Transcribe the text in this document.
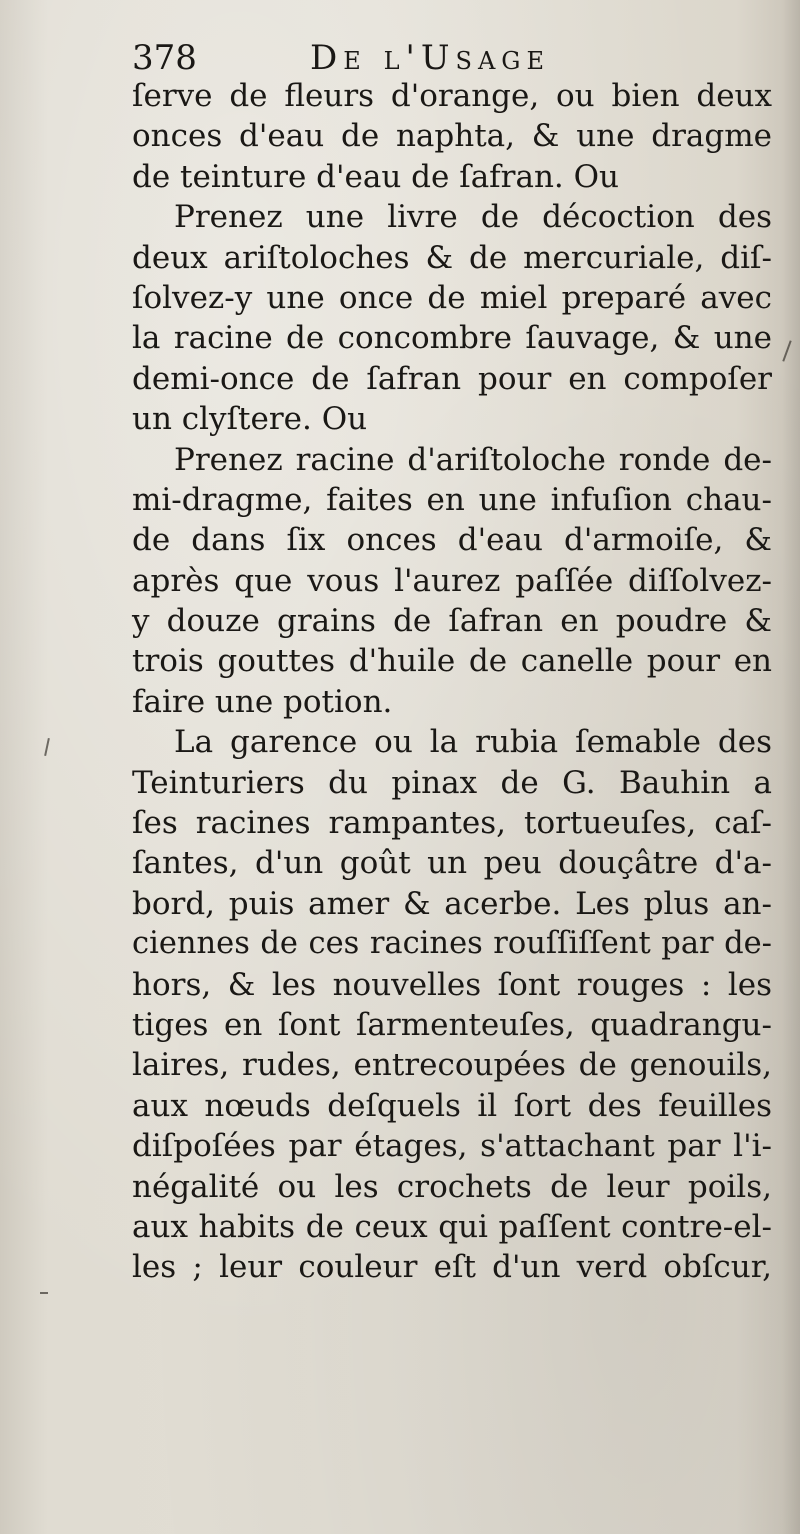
378	De l'Usage
ſerve de fleurs d'orange, ou bien deux
onces d'eau de naphta, & une dragme
de teinture d'eau de ſafran. Ou
Prenez une livre de décoction des
deux ariſtoloches & de mercuriale, diſ-
ſolvez-y une once de miel preparé avec
la racine de concombre ſauvage, & une
demi-once de ſafran pour en compoſer
un clyſtere. Ou
Prenez racine d'ariſtoloche ronde de-
mi-dragme, faites en une infuſion chau-
de dans ſix onces d'eau d'armoiſe, &
après que vous l'aurez paſſée diſſolvez-
y douze grains de ſafran en poudre &
trois gouttes d'huile de canelle pour en
faire une potion.
La garence ou la rubia ſemable des
Teinturiers du pinax de G. Bauhin a
ſes racines rampantes, tortueuſes, caſ-
ſantes, d'un goût un peu douçâtre d'a-
bord, puis amer & acerbe. Les plus an-
ciennes de ces racines rouſſiſſent par de-
hors, & les nouvelles ſont rouges : les
tiges en ſont ſarmenteuſes, quadrangu-
laires, rudes, entrecoupées de genouils,
aux nœuds deſquels il ſort des feuilles
diſpoſées par étages, s'attachant par l'i-
négalité ou les crochets de leur poils,
aux habits de ceux qui paſſent contre-el-
les ; leur couleur eſt d'un verd obſcur,
